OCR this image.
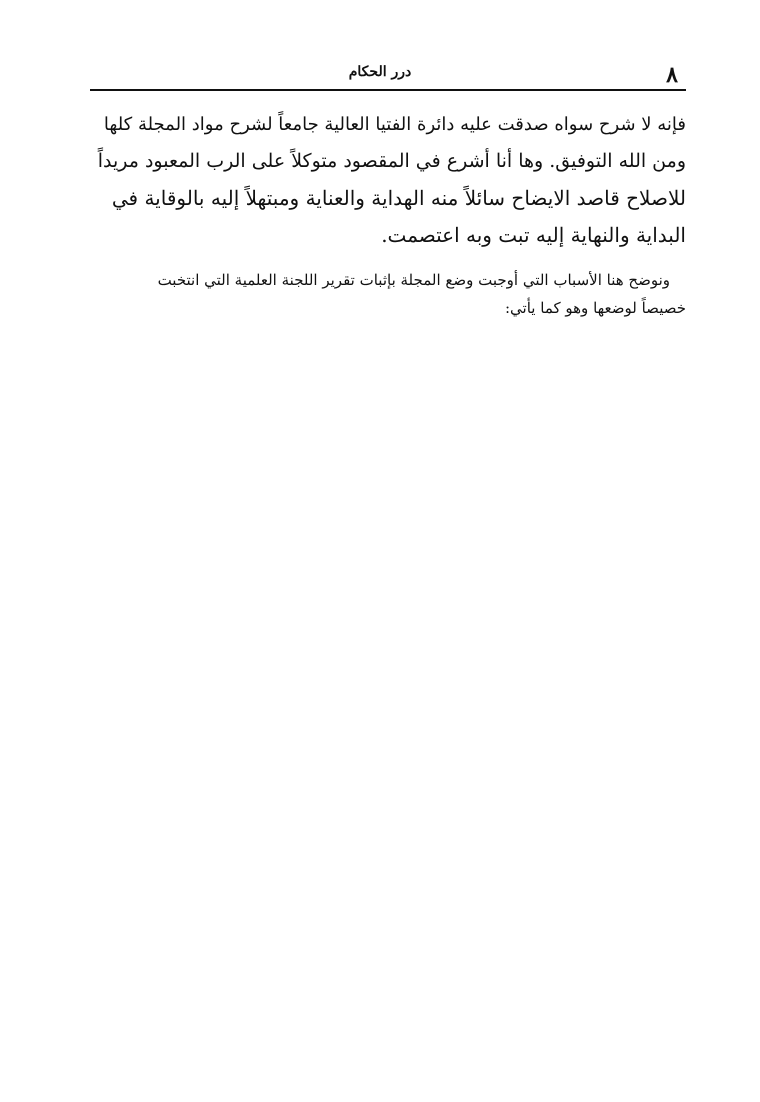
٨
درر الحكام
فإنه لا شرح سواه صدقت عليه دائرة الفتيا العالية جامعاً لشرح مواد المجلة كلها
ومن الله التوفيق. وها أنا أشرع في المقصود متوكلاً على الرب المعبود مريداً
للاصلاح قاصد الايضاح سائلاً منه الهداية والعناية ومبتهلاً إليه بالوقاية في
البداية والنهاية إليه تبت وبه اعتصمت.
ونوضح هنا الأسباب التي أوجبت وضع المجلة بإثبات تقرير اللجنة العلمية التي انتخبت
خصيصاً لوضعها وهو كما يأتي:
